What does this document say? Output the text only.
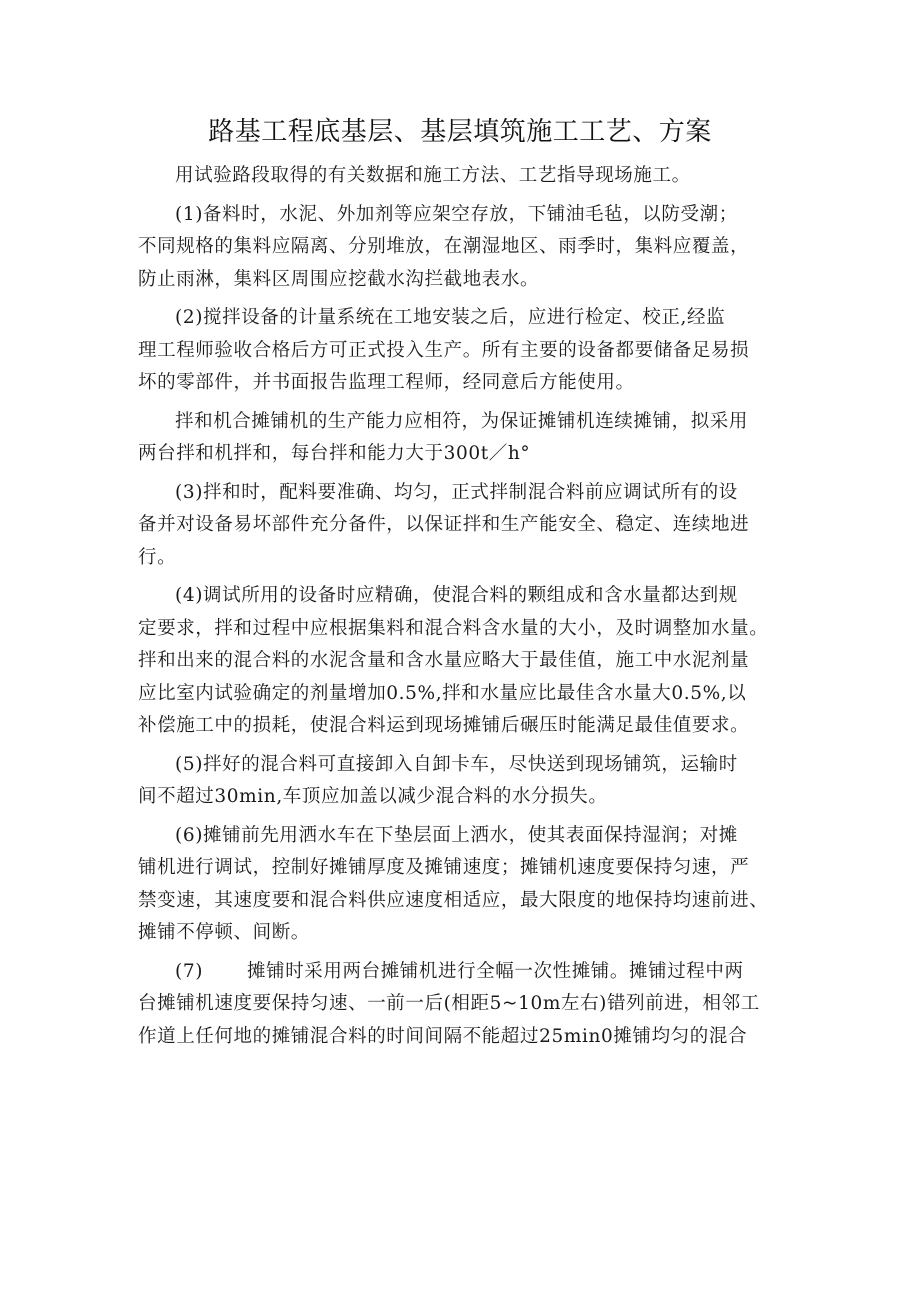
路基工程底基层、基层填筑施工工艺、方案

用试验路段取得的有关数据和施工方法、工艺指导现场施工。

(1)备料时，水泥、外加剂等应架空存放，下铺油毛毡，以防受潮；
不同规格的集料应隔离、分别堆放，在潮湿地区、雨季时，集料应覆盖，
防止雨淋，集料区周围应挖截水沟拦截地表水。

(2)搅拌设备的计量系统在工地安装之后，应进行检定、校正,经监
理工程师验收合格后方可正式投入生产。所有主要的设备都要储备足易损
坏的零部件，并书面报告监理工程师，经同意后方能使用。

拌和机合摊铺机的生产能力应相符，为保证摊铺机连续摊铺，拟采用
两台拌和机拌和，每台拌和能力大于300t／h°

(3)拌和时，配料要准确、均匀，正式拌制混合料前应调试所有的设
备并对设备易坏部件充分备件，以保证拌和生产能安全、稳定、连续地进
行。

(4)调试所用的设备时应精确，使混合料的颗组成和含水量都达到规
定要求，拌和过程中应根据集料和混合料含水量的大小，及时调整加水量。
拌和出来的混合料的水泥含量和含水量应略大于最佳值，施工中水泥剂量
应比室内试验确定的剂量增加0.5%,拌和水量应比最佳含水量大0.5%,以
补偿施工中的损耗，使混合料运到现场摊铺后碾压时能满足最佳值要求。

(5)拌好的混合料可直接卸入自卸卡车，尽快送到现场铺筑，运输时
间不超过30min,车顶应加盖以减少混合料的水分损失。

(6)摊铺前先用洒水车在下垫层面上洒水，使其表面保持湿润；对摊
铺机进行调试，控制好摊铺厚度及摊铺速度；摊铺机速度要保持匀速，严
禁变速，其速度要和混合料供应速度相适应，最大限度的地保持均速前进、
摊铺不停顿、间断。

(7) 摊铺时采用两台摊铺机进行全幅一次性摊铺。摊铺过程中两
台摊铺机速度要保持匀速、一前一后(相距5~10m左右)错列前进，相邻工
作道上任何地的摊铺混合料的时间间隔不能超过25min0摊铺均匀的混合
